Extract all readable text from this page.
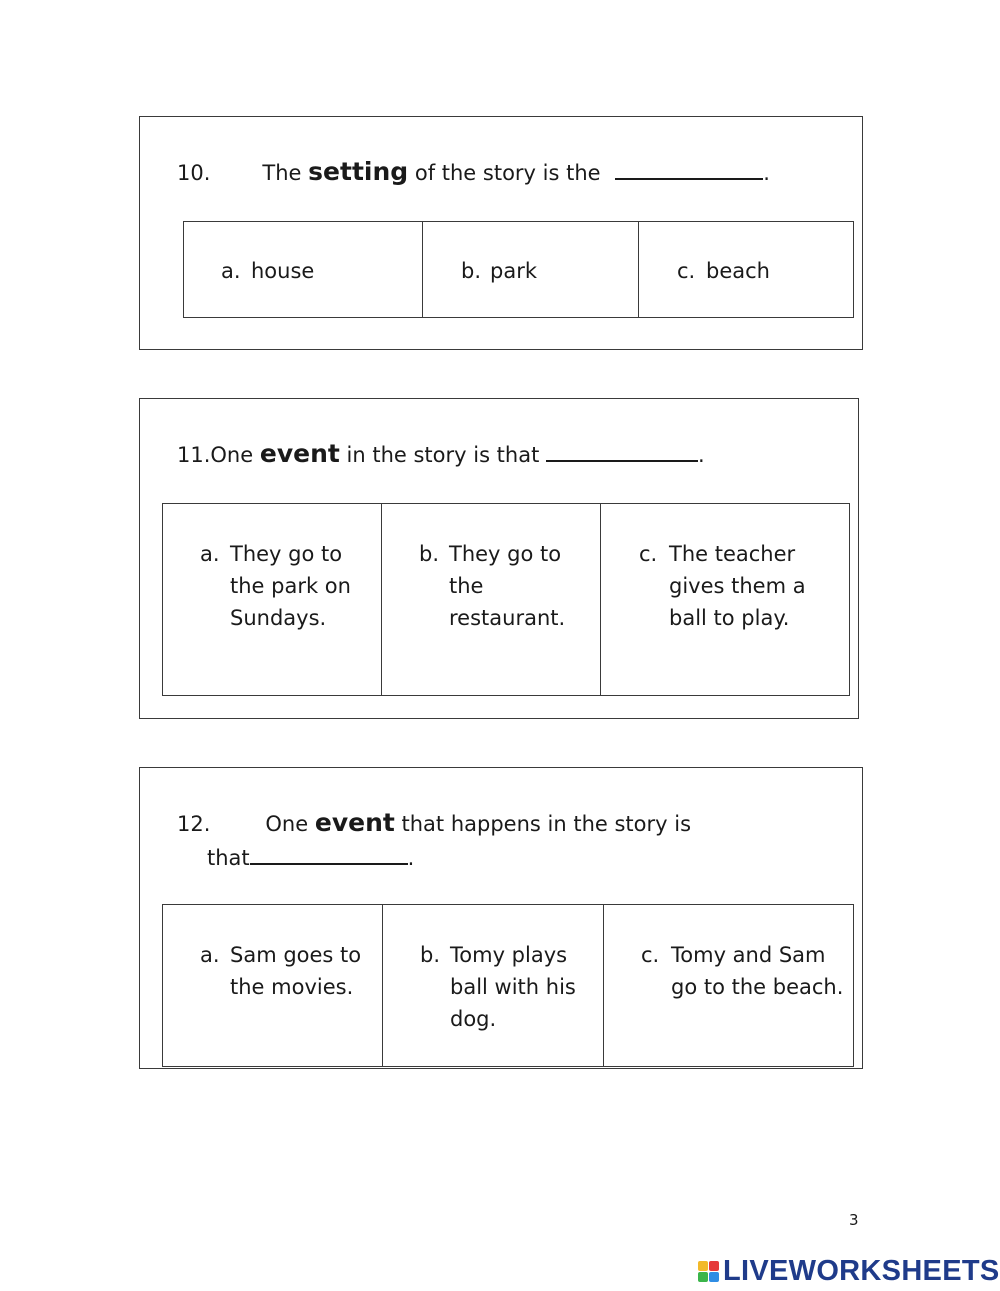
10. The setting of the story is the	.
a. house	b. park	c. beach
11.One event in the story is that	.
a. They go to
the park on
Sundays.
b. They go to
the
restaurant.
c. The teacher
gives them a
ball to play.
12.	One event that happens in the story is
that	.
a. Sam goes to
the movies.
b. Tomy plays
ball with his
dog.
c. Tomy and Sam
go to the beach.
3
LIVEWORKSHEETS
